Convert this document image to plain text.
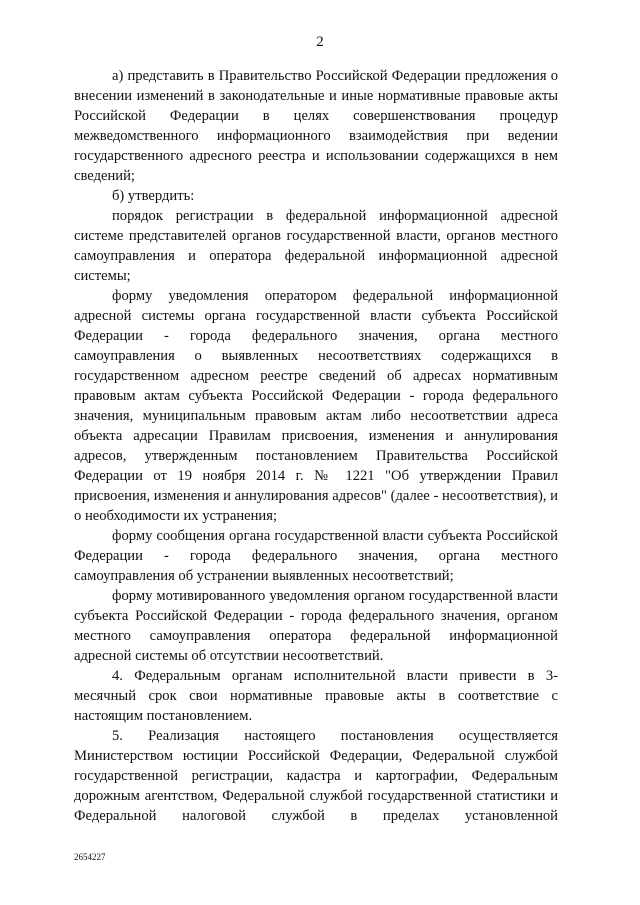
2

а) представить в Правительство Российской Федерации предложения о внесении изменений в законодательные и иные нормативные правовые акты Российской Федерации в целях совершенствования процедур межведомственного информационного взаимодействия при ведении государственного адресного реестра и использовании содержащихся в нем сведений;

б) утвердить:

порядок регистрации в федеральной информационной адресной системе представителей органов государственной власти, органов местного самоуправления и оператора федеральной информационной адресной системы;

форму уведомления оператором федеральной информационной адресной системы органа государственной власти субъекта Российской Федерации - города федерального значения, органа местного самоуправления о выявленных несоответствиях содержащихся в государственном адресном реестре сведений об адресах нормативным правовым актам субъекта Российской Федерации - города федерального значения, муниципальным правовым актам либо несоответствии адреса объекта адресации Правилам присвоения, изменения и аннулирования адресов, утвержденным постановлением Правительства Российской Федерации от 19 ноября 2014 г. № 1221 "Об утверждении Правил присвоения, изменения и аннулирования адресов" (далее - несоответствия), и о необходимости их устранения;

форму сообщения органа государственной власти субъекта Российской Федерации - города федерального значения, органа местного самоуправления об устранении выявленных несоответствий;

форму мотивированного уведомления органом государственной власти субъекта Российской Федерации - города федерального значения, органом местного самоуправления оператора федеральной информационной адресной системы об отсутствии несоответствий.

4. Федеральным органам исполнительной власти привести в 3-месячный срок свои нормативные правовые акты в соответствие с настоящим постановлением.

5. Реализация настоящего постановления осуществляется Министерством юстиции Российской Федерации, Федеральной службой государственной регистрации, кадастра и картографии, Федеральным дорожным агентством, Федеральной службой государственной статистики и Федеральной налоговой службой в пределах установленной

2654227
